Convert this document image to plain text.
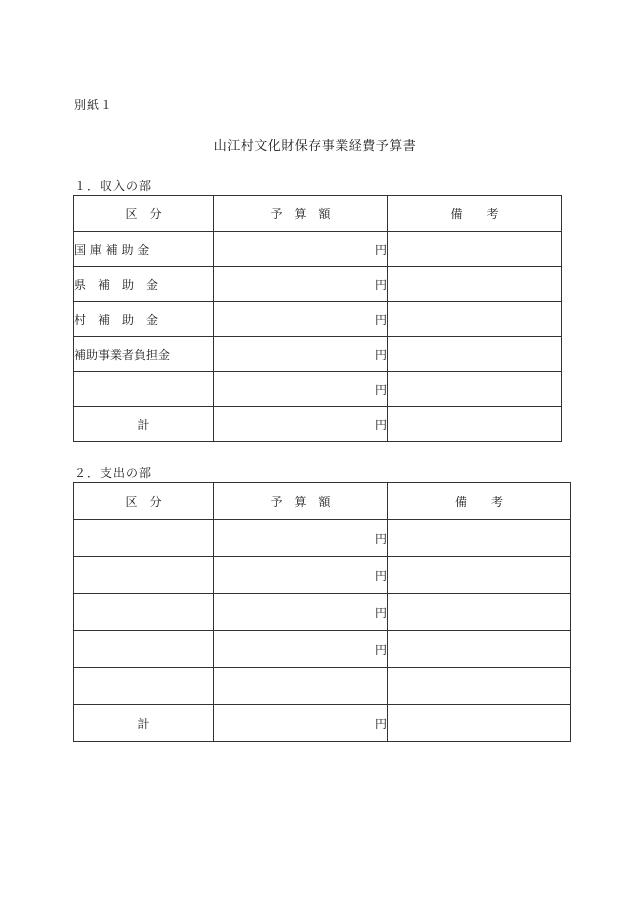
別紙１
山江村文化財保存事業経費予算書
１．収入の部
区　分	予　算　額	備　　考

国 庫 補 助 金	円	

県　補　助　金	円	

村　補　助　金	円	

補助事業者負担金	円	
	円	
計	円	
２．支出の部
区　分	予　算　額	備　　考
	円	
	円	
	円	
	円	

計	円	
